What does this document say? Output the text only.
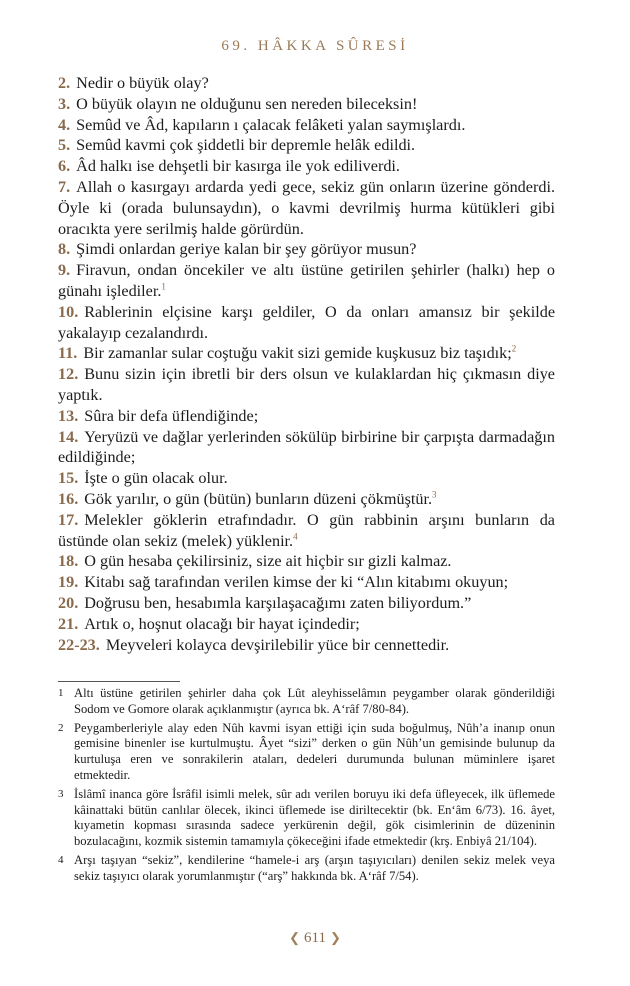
69. HÂKKA SÛRESİ

2. Nedir o büyük olay?

3. O büyük olayın ne olduğunu sen nereden bileceksin!

4. Semûd ve Âd, kapıların ı çalacak felâketi yalan saymışlardı.

5. Semûd kavmi çok şiddetli bir depremle helâk edildi.

6. Âd halkı ise dehşetli bir kasırga ile yok ediliverdi.

7. Allah o kasırgayı ardarda yedi gece, sekiz gün onların üzerine gönderdi. Öyle ki (orada bulunsaydın), o kavmi devrilmiş hurma kütükleri gibi oracıkta yere serilmiş halde görürdün.

8. Şimdi onlardan geriye kalan bir şey görüyor musun?

9. Firavun, ondan öncekiler ve altı üstüne getirilen şehirler (halkı) hep o günahı işlediler.$^1$

10. Rablerinin elçisine karşı geldiler, O da onları amansız bir şekilde yakalayıp cezalandırdı.

11. Bir zamanlar sular coştuğu vakit sizi gemide kuşkusuz biz taşıdık;$^2$

12. Bunu sizin için ibretli bir ders olsun ve kulaklardan hiç çıkmasın diye yaptık.

13. Sûra bir defa üflendiğinde;

14. Yeryüzü ve dağlar yerlerinden sökülüp birbirine bir çarpışta darmadağın edildiğinde;

15. İşte o gün olacak olur.

16. Gök yarılır, o gün (bütün) bunların düzeni çökmüştür.$^3$

17. Melekler göklerin etrafındadır. O gün rabbinin arşını bunların da üstünde olan sekiz (melek) yüklenir.$^4$

18. O gün hesaba çekilirsiniz, size ait hiçbir sır gizli kalmaz.

19. Kitabı sağ tarafından verilen kimse der ki “Alın kitabımı okuyun;

20. Doğrusu ben, hesabımla karşılaşacağımı zaten biliyordum.”

21. Artık o, hoşnut olacağı bir hayat içindedir;

22-23. Meyveleri kolayca devşirilebilir yüce bir cennettedir.

1 Altı üstüne getirilen şehirler daha çok Lût aleyhisselâmın peygamber olarak gönderildiği Sodom ve Gomore olarak açıklanmıştır (ayrıca bk. A‘râf 7/80-84).

2 Peygamberleriyle alay eden Nûh kavmi isyan ettiği için suda boğulmuş, Nûh’a inanıp onun gemisine binenler ise kurtulmuştu. Âyet “sizi” derken o gün Nûh’un gemisinde bulunup da kurtuluşa eren ve sonrakilerin ataları, dedeleri durumunda bulunan müminlere işaret etmektedir.

3 İslâmî inanca göre İsrâfil isimli melek, sûr adı verilen boruyu iki defa üfleyecek, ilk üflemede kâinattaki bütün canlılar ölecek, ikinci üflemede ise diriltecektir (bk. En‘âm 6/73). 16. âyet, kıyametin kopması sırasında sadece yerkürenin değil, gök cisimlerinin de düzeninin bozulacağını, kozmik sistemin tamamıyla çökeceğini ifade etmektedir (krş. Enbiyâ 21/104).

4 Arşı taşıyan “sekiz”, kendilerine “hamele-i arş (arşın taşıyıcıları) denilen sekiz melek veya sekiz taşıyıcı olarak yorumlanmıştır (“arş” hakkında bk. A‘râf 7/54).

❮ 611 ❯
